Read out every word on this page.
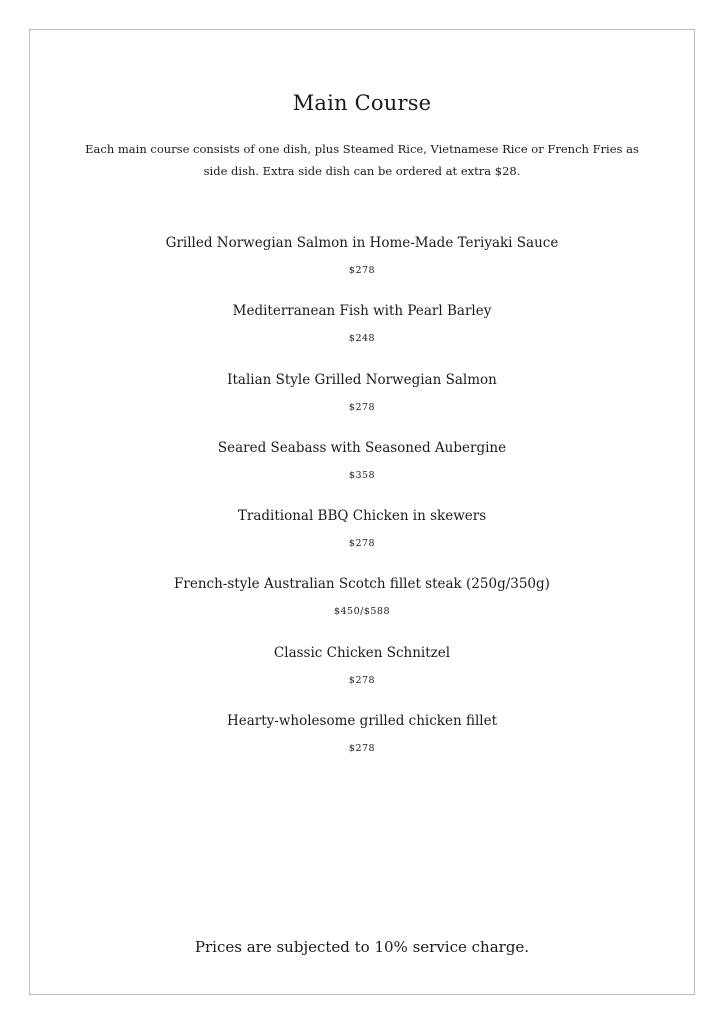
Main Course

Each main course consists of one dish, plus Steamed Rice, Vietnamese Rice or French Fries as side dish. Extra side dish can be ordered at extra $28.

Grilled Norwegian Salmon in Home-Made Teriyaki Sauce
$278
Mediterranean Fish with Pearl Barley
$248
Italian Style Grilled Norwegian Salmon
$278
Seared Seabass with Seasoned Aubergine
$358
Traditional BBQ Chicken in skewers
$278
French-style Australian Scotch fillet steak (250g/350g)
$450/$588
Classic Chicken Schnitzel
$278
Hearty-wholesome grilled chicken fillet
$278

Prices are subjected to 10% service charge.
